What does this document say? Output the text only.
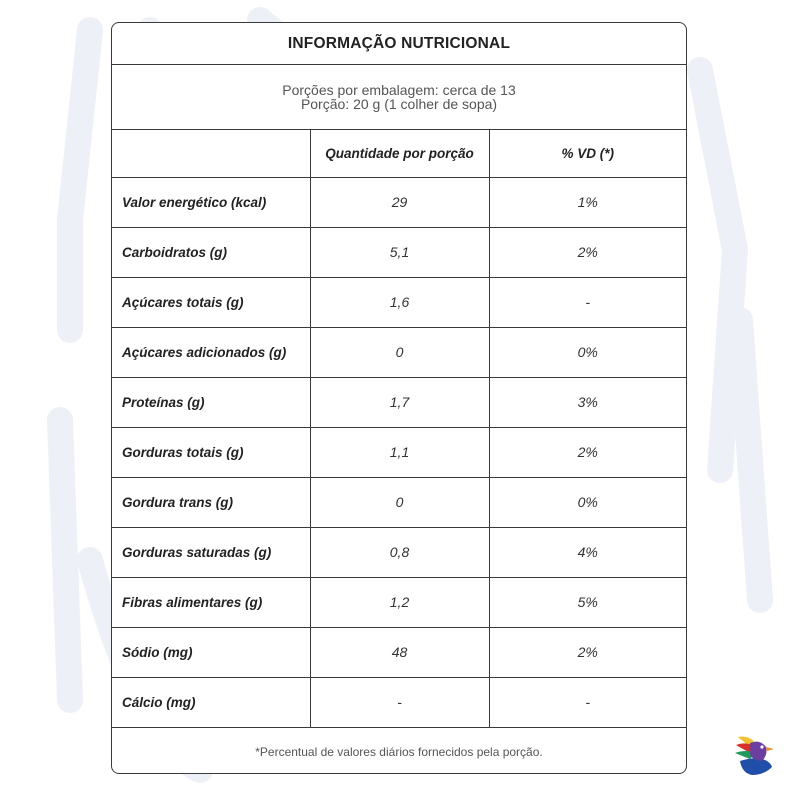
INFORMAÇÃO NUTRICIONAL
Porções por embalagem: cerca de 13
Porção: 20 g (1 colher de sopa)
	Quantidade por porção	% VD (*)
Valor energético (kcal)	29	1%
Carboidratos (g)	5,1	2%
Açúcares totais (g)	1,6	-
Açúcares adicionados (g)	0	0%
Proteínas (g)	1,7	3%
Gorduras totais (g)	1,1	2%
Gordura trans (g)	0	0%
Gorduras saturadas (g)	0,8	4%
Fibras alimentares (g)	1,2	5%
Sódio (mg)	48	2%
Cálcio (mg)	-	-
*Percentual de valores diários fornecidos pela porção.
